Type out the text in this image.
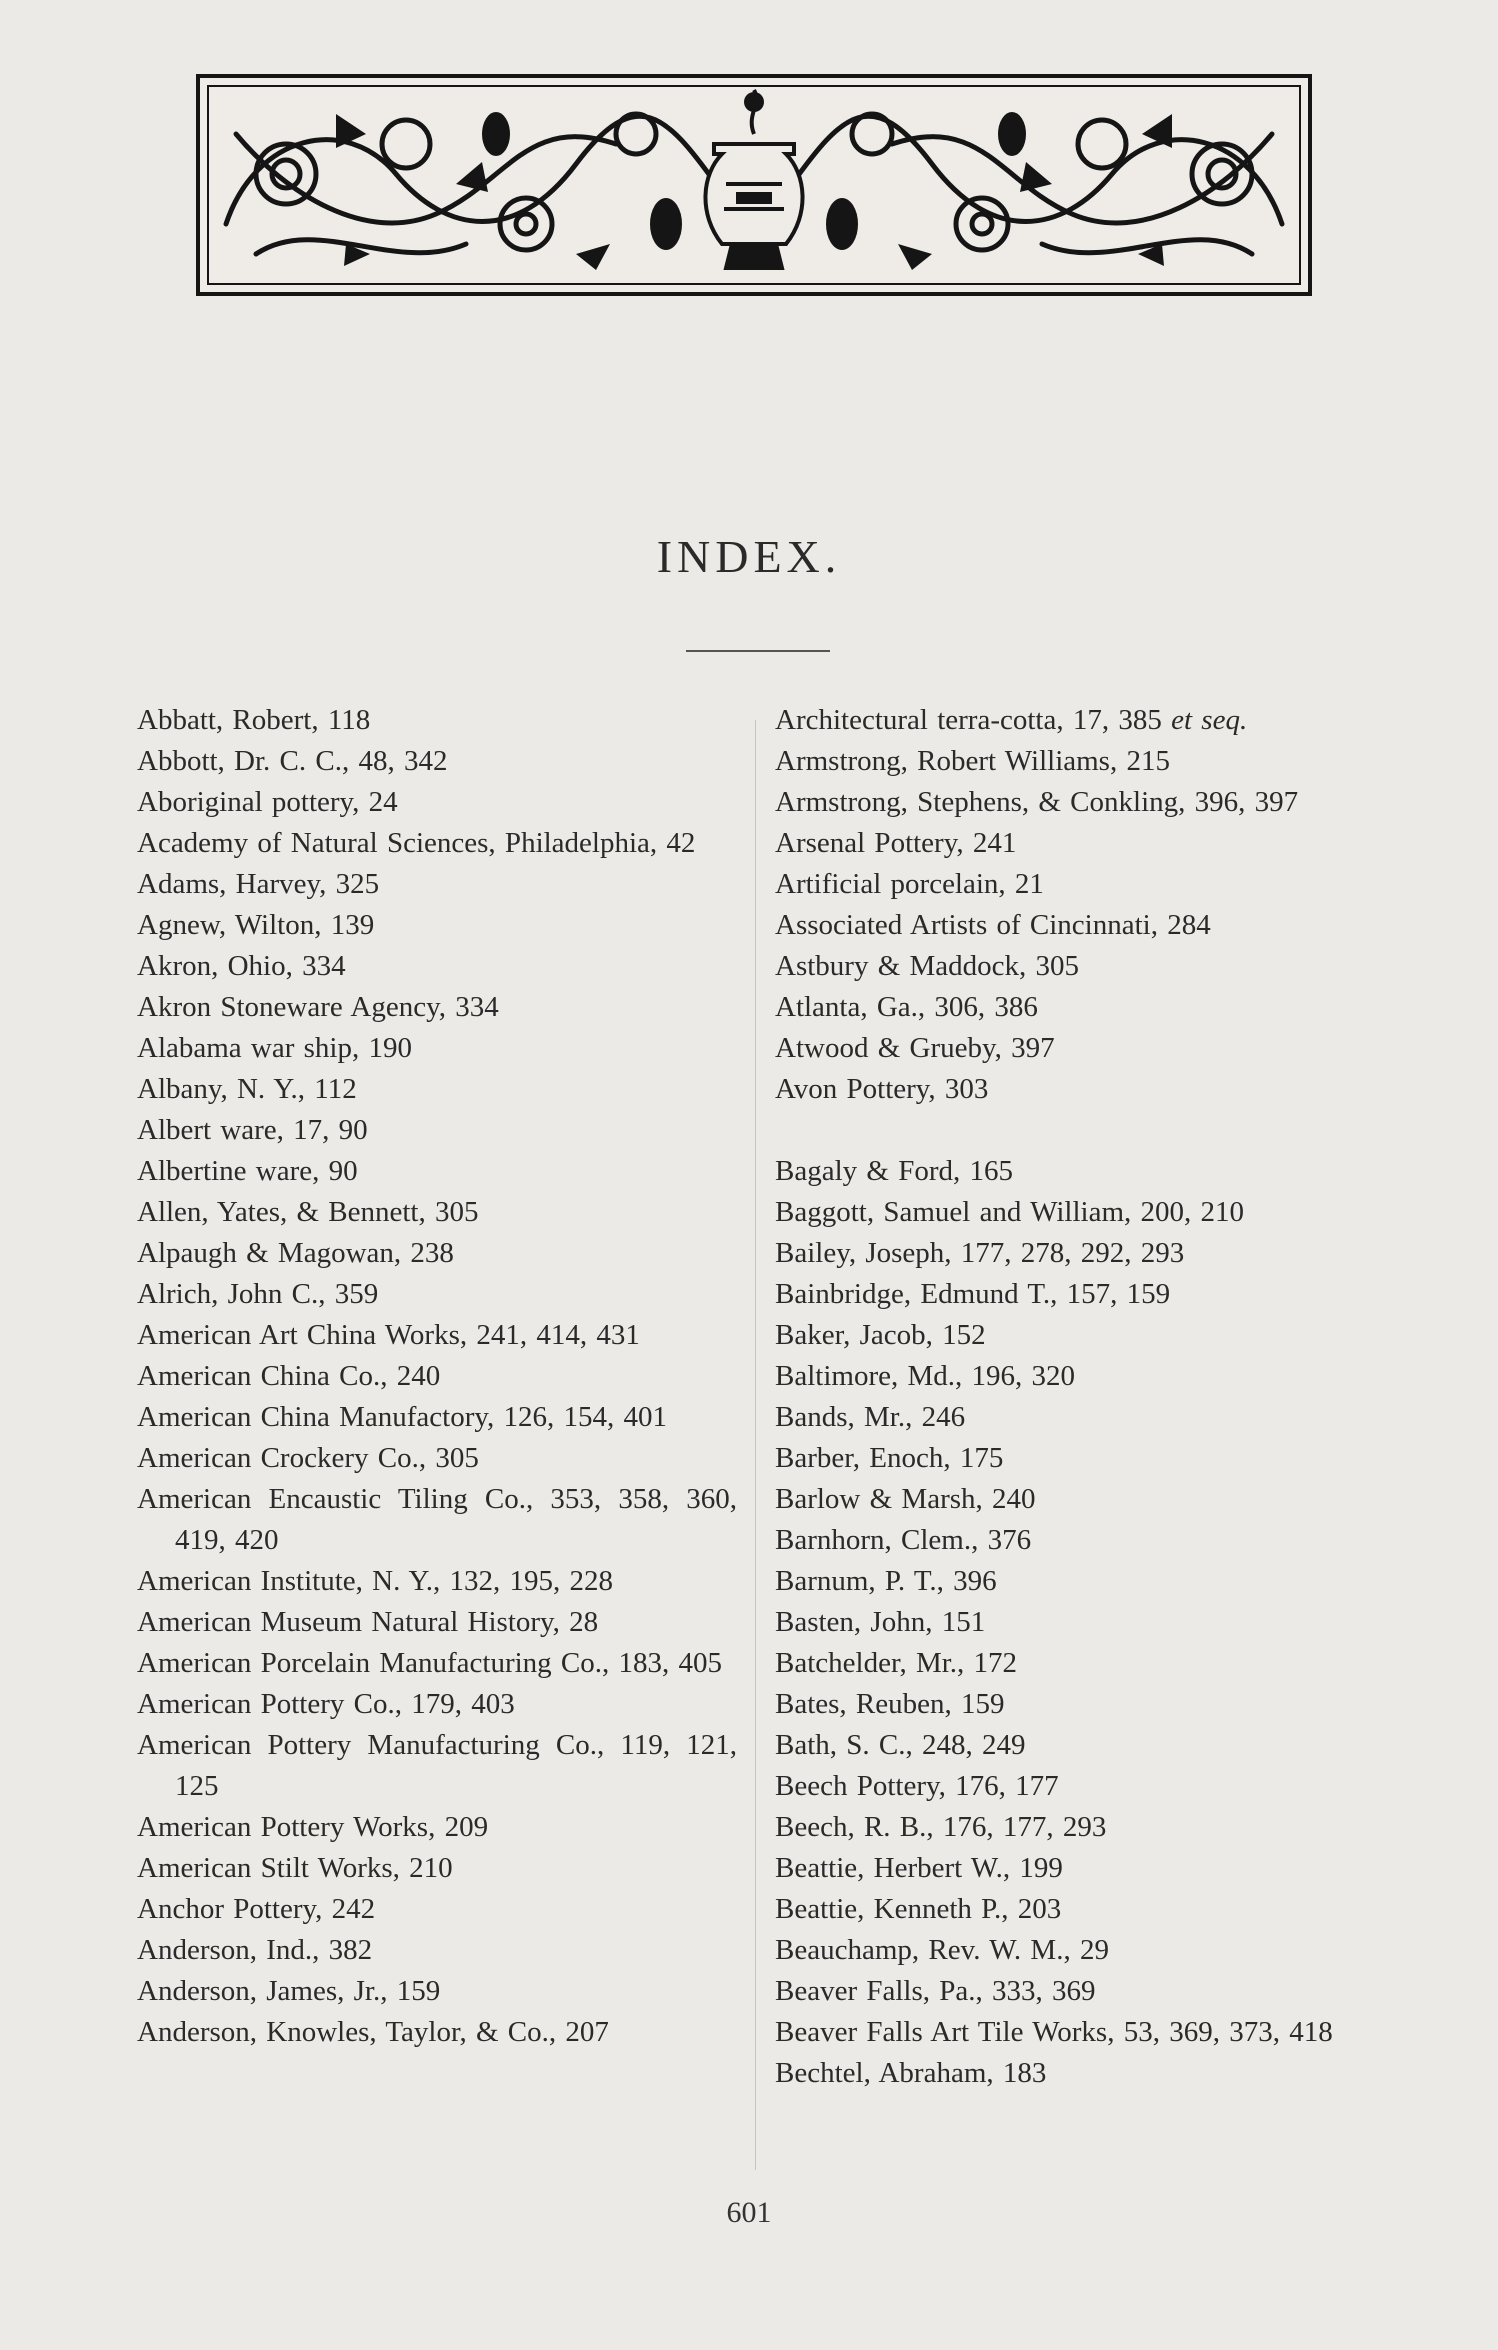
INDEX.
Abbatt, Robert, 118
Abbott, Dr. C. C., 48, 342
Aboriginal pottery, 24
Academy of Natural Sciences, Philadelphia, 42
Adams, Harvey, 325
Agnew, Wilton, 139
Akron, Ohio, 334
Akron Stoneware Agency, 334
Alabama war ship, 190
Albany, N. Y., 112
Albert ware, 17, 90
Albertine ware, 90
Allen, Yates, & Bennett, 305
Alpaugh & Magowan, 238
Alrich, John C., 359
American Art China Works, 241, 414, 431
American China Co., 240
American China Manufactory, 126, 154, 401
American Crockery Co., 305
American Encaustic Tiling Co., 353, 358, 360, 419, 420
American Institute, N. Y., 132, 195, 228
American Museum Natural History, 28
American Porcelain Manufacturing Co., 183, 405
American Pottery Co., 179, 403
American Pottery Manufacturing Co., 119, 121, 125
American Pottery Works, 209
American Stilt Works, 210
Anchor Pottery, 242
Anderson, Ind., 382
Anderson, James, Jr., 159
Anderson, Knowles, Taylor, & Co., 207
Architectural terra-cotta, 17, 385 et seq.
Armstrong, Robert Williams, 215
Armstrong, Stephens, & Conkling, 396, 397
Arsenal Pottery, 241
Artificial porcelain, 21
Associated Artists of Cincinnati, 284
Astbury & Maddock, 305
Atlanta, Ga., 306, 386
Atwood & Grueby, 397
Avon Pottery, 303
Bagaly & Ford, 165
Baggott, Samuel and William, 200, 210
Bailey, Joseph, 177, 278, 292, 293
Bainbridge, Edmund T., 157, 159
Baker, Jacob, 152
Baltimore, Md., 196, 320
Bands, Mr., 246
Barber, Enoch, 175
Barlow & Marsh, 240
Barnhorn, Clem., 376
Barnum, P. T., 396
Basten, John, 151
Batchelder, Mr., 172
Bates, Reuben, 159
Bath, S. C., 248, 249
Beech Pottery, 176, 177
Beech, R. B., 176, 177, 293
Beattie, Herbert W., 199
Beattie, Kenneth P., 203
Beauchamp, Rev. W. M., 29
Beaver Falls, Pa., 333, 369
Beaver Falls Art Tile Works, 53, 369, 373, 418
Bechtel, Abraham, 183
601
